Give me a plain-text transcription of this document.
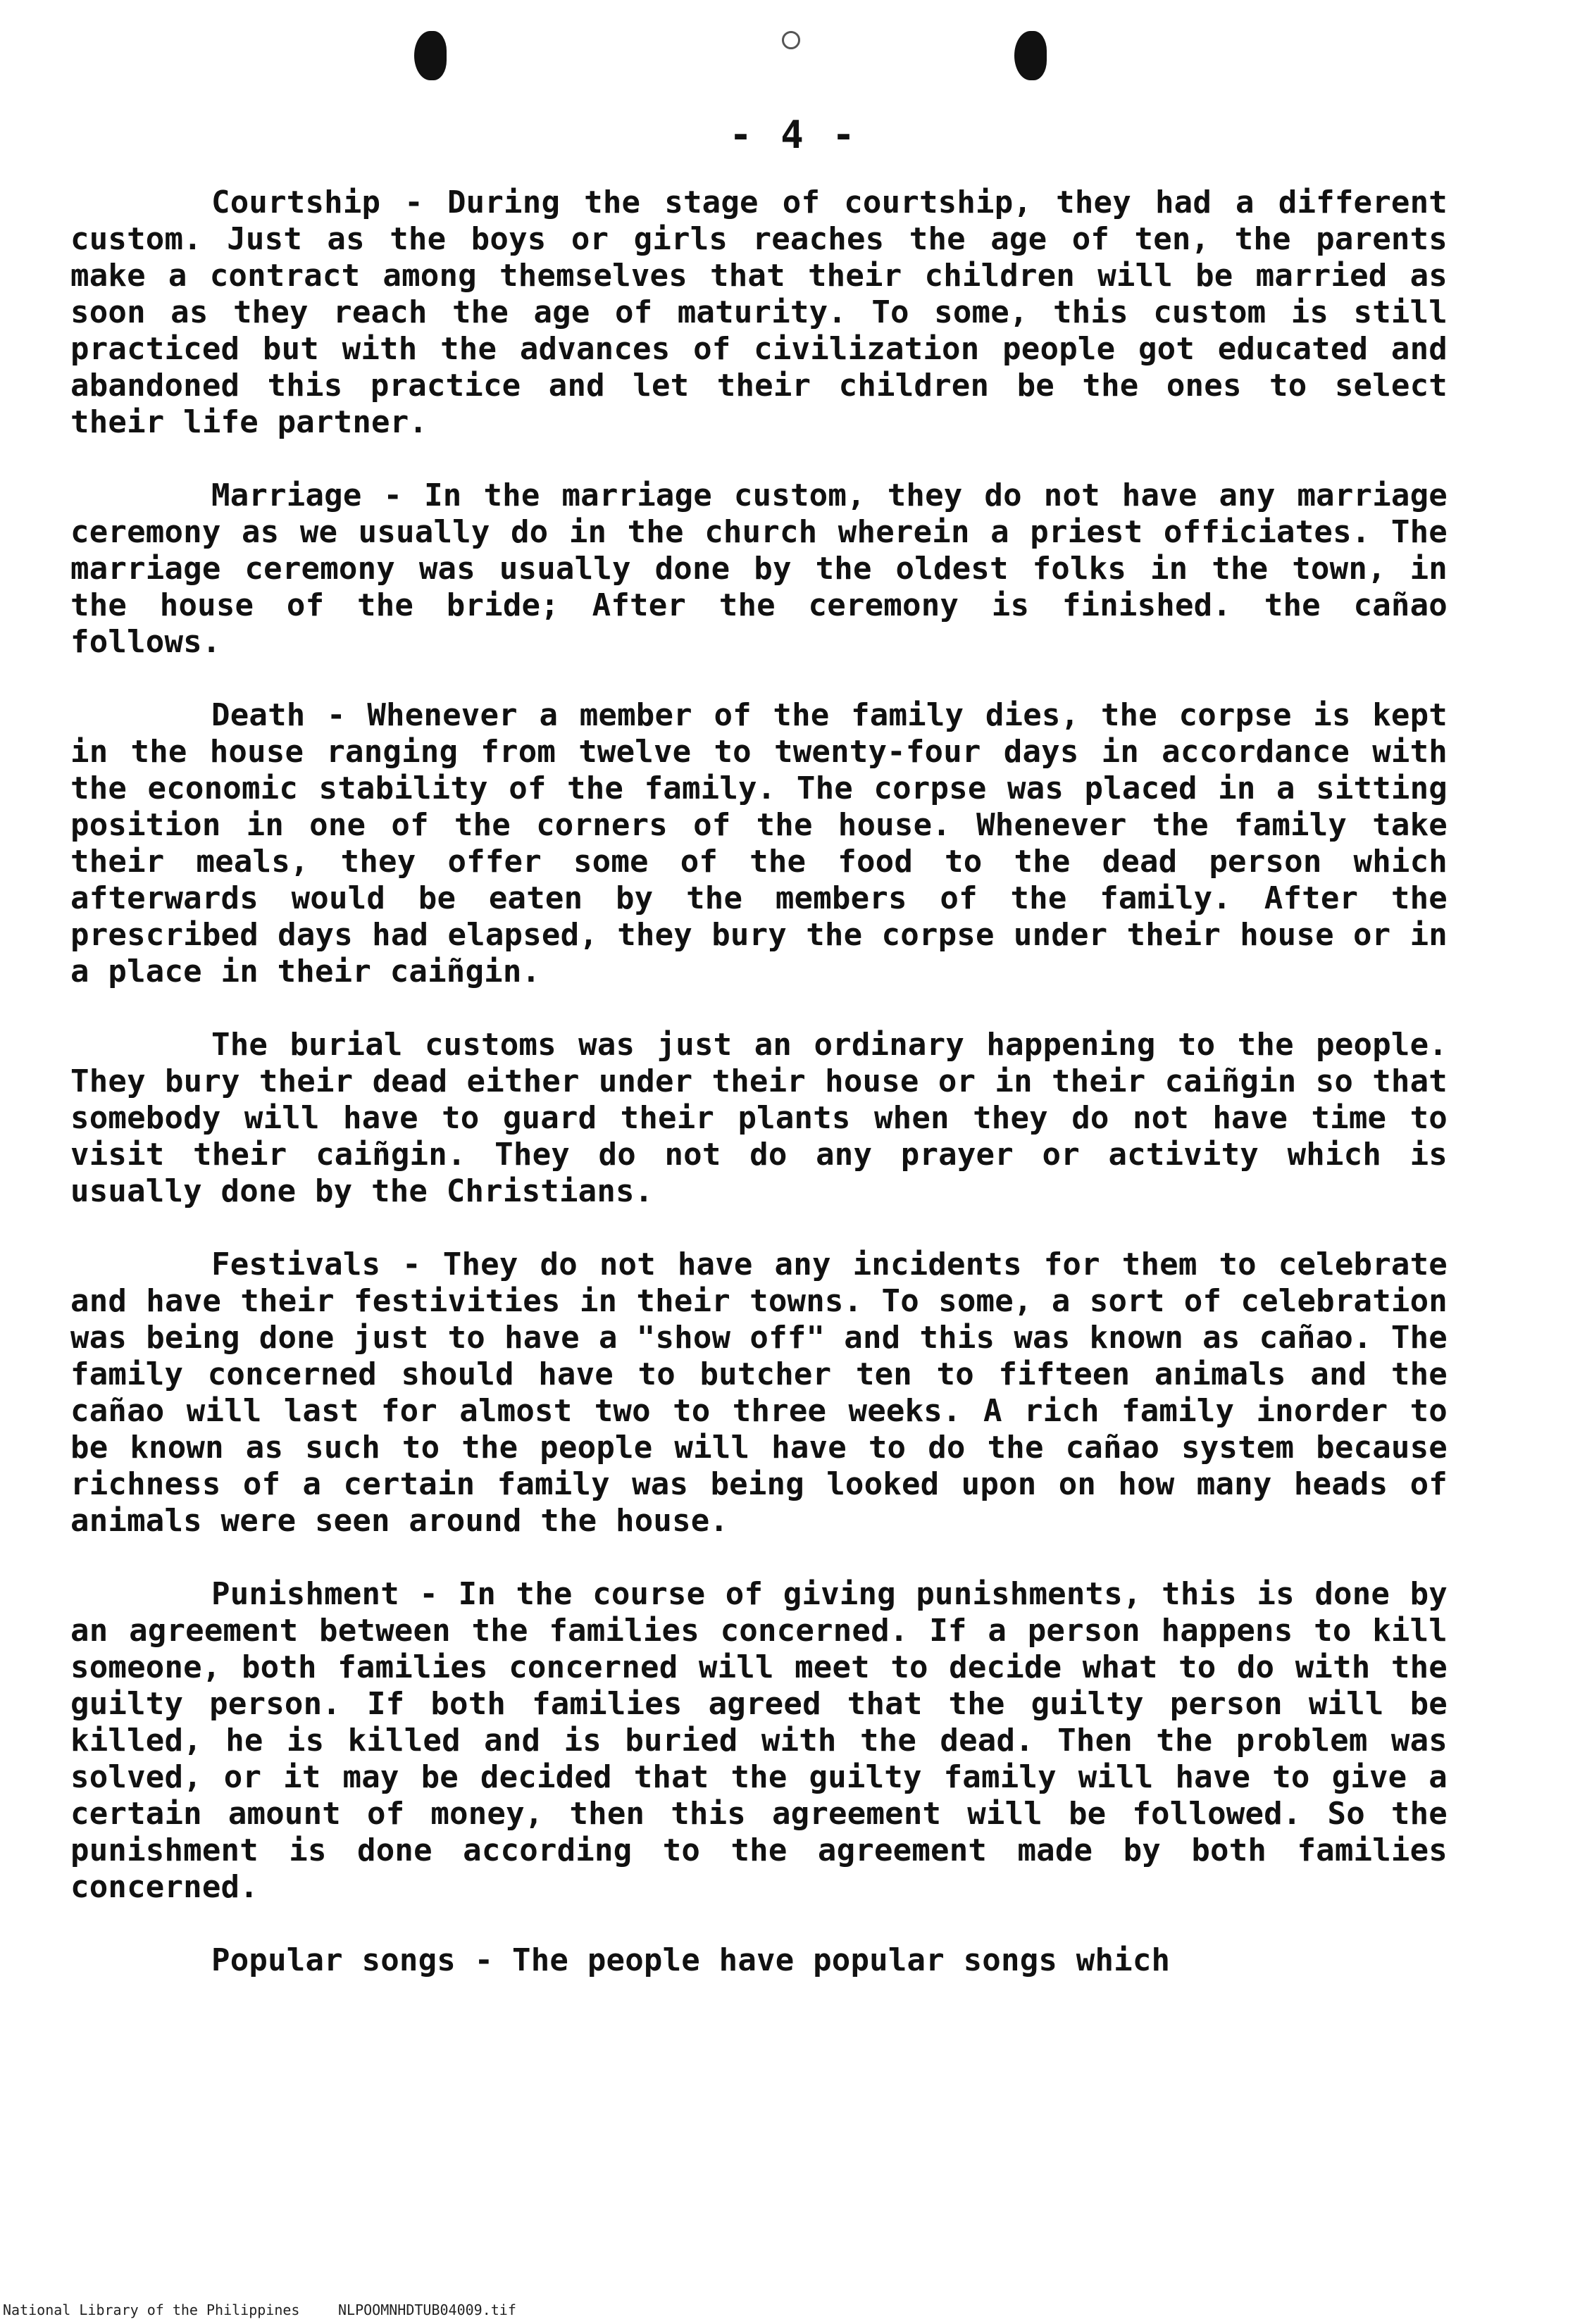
- 4 -

Courtship - During the stage of courtship, they had a different custom. Just as the boys or girls reaches the age of ten, the parents make a contract among themselves that their children will be married as soon as they reach the age of maturity. To some, this custom is still practiced but with the advances of civilization people got educated and abandoned this practice and let their children be the ones to select their life partner.

Marriage - In the marriage custom, they do not have any marriage ceremony as we usually do in the church wherein a priest officiates. The marriage ceremony was usually done by the oldest folks in the town, in the house of the bride; After the ceremony is finished. the cañao follows.

Death - Whenever a member of the family dies, the corpse is kept in the house ranging from twelve to twenty-four days in accordance with the economic stability of the family. The corpse was placed in a sitting position in one of the corners of the house. Whenever the family take their meals, they offer some of the food to the dead person which afterwards would be eaten by the members of the family. After the prescribed days had elapsed, they bury the corpse under their house or in a place in their caiñgin.

The burial customs was just an ordinary happening to the people. They bury their dead either under their house or in their caiñgin so that somebody will have to guard their plants when they do not have time to visit their caiñgin. They do not do any prayer or activity which is usually done by the Christians.

Festivals - They do not have any incidents for them to celebrate and have their festivities in their towns. To some, a sort of celebration was being done just to have a "show off" and this was known as cañao. The family concerned should have to butcher ten to fifteen animals and the cañao will last for almost two to three weeks. A rich family inorder to be known as such to the people will have to do the cañao system because richness of a certain family was being looked upon on how many heads of animals were seen around the house.

Punishment - In the course of giving punishments, this is done by an agreement between the families concerned. If a person happens to kill someone, both families concerned will meet to decide what to do with the guilty person. If both families agreed that the guilty person will be killed, he is killed and is buried with the dead. Then the problem was solved, or it may be decided that the guilty family will have to give a certain amount of money, then this agreement will be followed. So the punishment is done according to the agreement made by both families concerned.

Popular songs - The people have popular songs which

National Library of the Philippines	NLPOOMNHDTUB04009.tif
